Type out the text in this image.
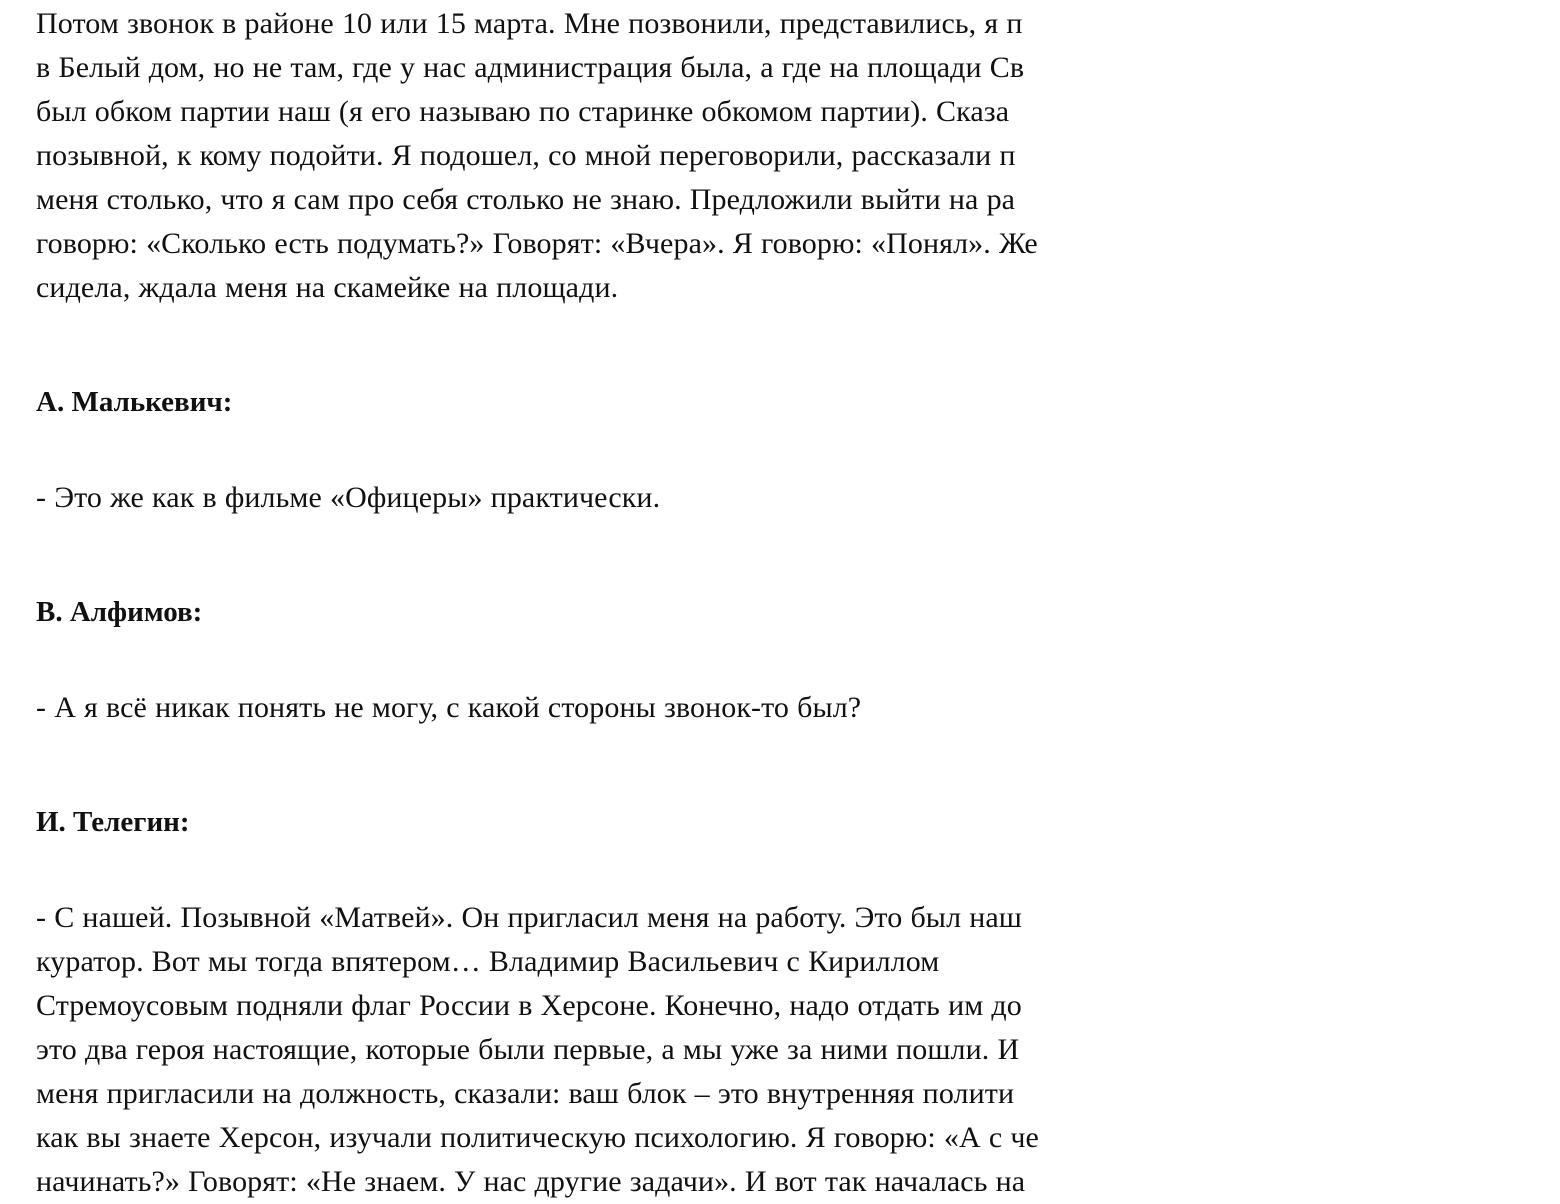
Потом звонок в районе 10 или 15 марта. Мне позвонили, представились, я п
в Белый дом, но не там, где у нас администрация была, а где на площади Св
был обком партии наш (я его называю по старинке обкомом партии). Сказа
позывной, к кому подойти. Я подошел, со мной переговорили, рассказали п
меня столько, что я сам про себя столько не знаю. Предложили выйти на ра
говорю: «Сколько есть подумать?» Говорят: «Вчера». Я говорю: «Понял». Же
сидела, ждала меня на скамейке на площади.

А. Малькевич:

- Это же как в фильме «Офицеры» практически.

В. Алфимов:

- А я всё никак понять не могу, с какой стороны звонок-то был?

И. Телегин:

- С нашей. Позывной «Матвей». Он пригласил меня на работу. Это был наш
куратор. Вот мы тогда впятером… Владимир Васильевич с Кириллом
Стремоусовым подняли флаг России в Херсоне. Конечно, надо отдать им до
это два героя настоящие, которые были первые, а мы уже за ними пошли. И
меня пригласили на должность, сказали: ваш блок – это внутренняя полити
как вы знаете Херсон, изучали политическую психологию. Я говорю: «А с че
начинать?» Говорят: «Не знаем. У нас другие задачи». И вот так началась на
